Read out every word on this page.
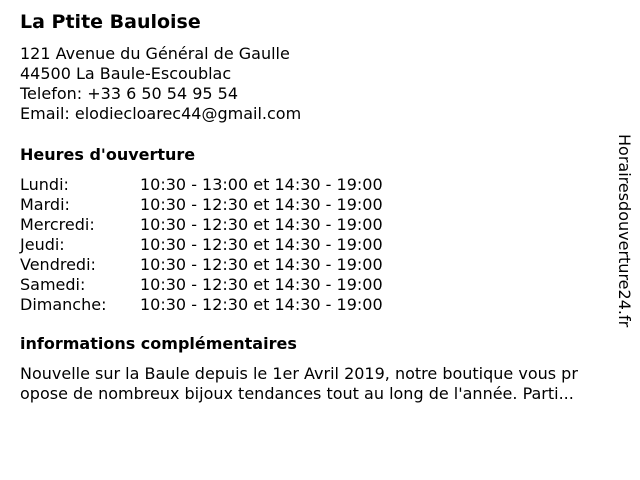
La Ptite Bauloise
121 Avenue du Général de Gaulle
44500 La Baule-Escoublac
Telefon: +33 6 50 54 95 54
Email: elodiecloarec44@gmail.com
Heures d'ouverture
Lundi:	10:30 - 13:00 et 14:30 - 19:00
Mardi:	10:30 - 12:30 et 14:30 - 19:00
Mercredi:	10:30 - 12:30 et 14:30 - 19:00
Jeudi:	10:30 - 12:30 et 14:30 - 19:00
Vendredi:	10:30 - 12:30 et 14:30 - 19:00
Samedi:	10:30 - 12:30 et 14:30 - 19:00
Dimanche:	10:30 - 12:30 et 14:30 - 19:00
informations complémentaires
Nouvelle sur la Baule depuis le 1er Avril 2019, notre boutique vous pr
opose de nombreux bijoux tendances tout au long de l'année. Parti...
Horairesdouverture24.fr
